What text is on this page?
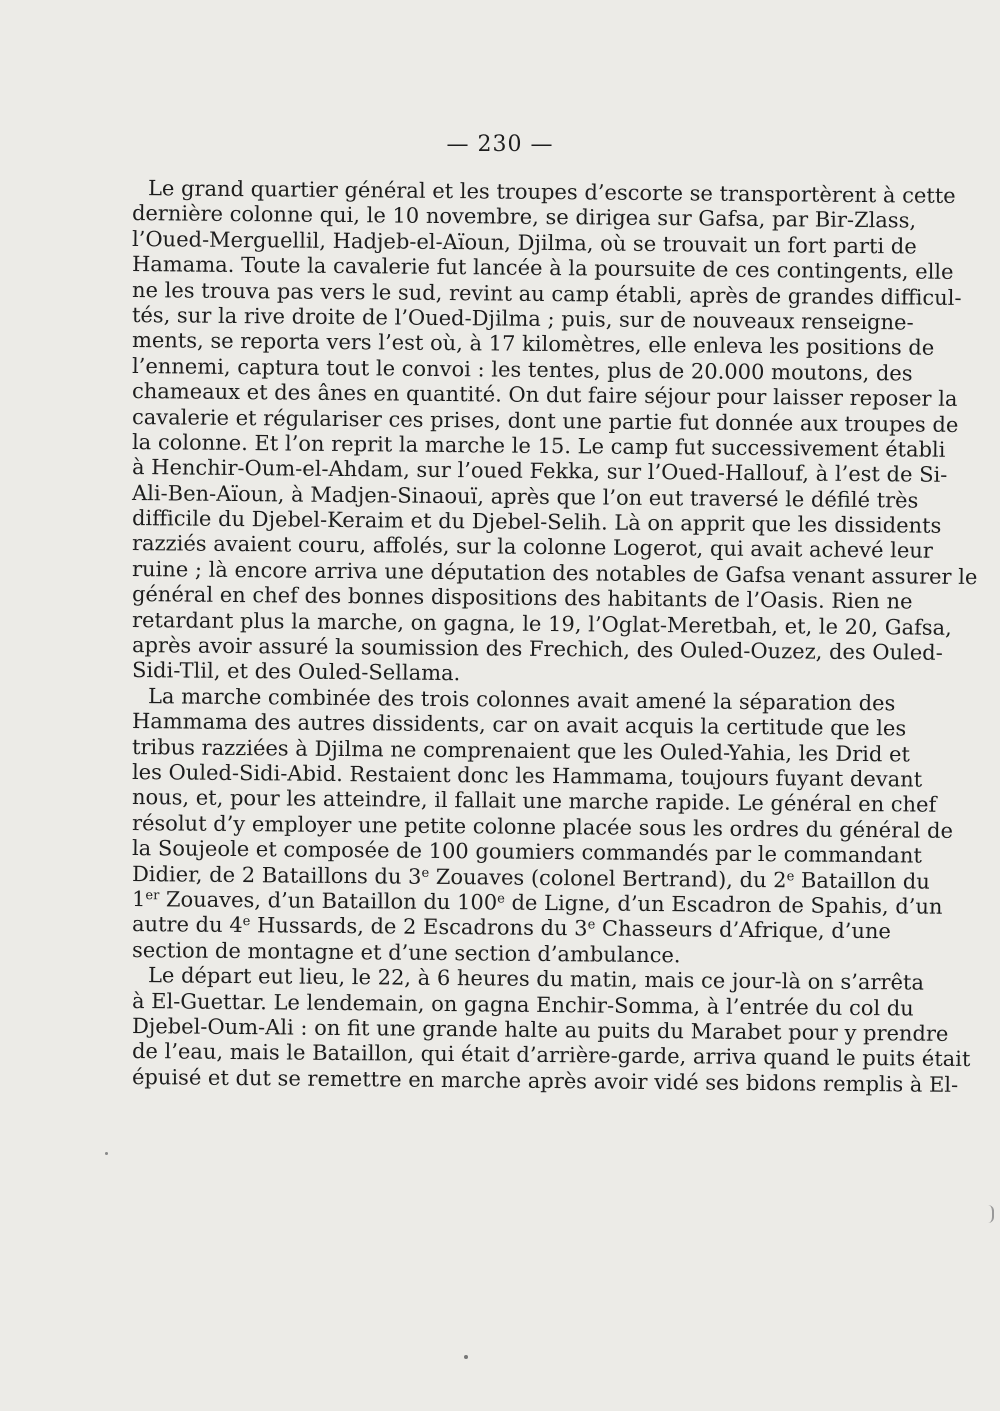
— 230 —
Le grand quartier général et les troupes d’escorte se transportèrent à cette
dernière colonne qui, le 10 novembre, se dirigea sur Gafsa, par Bir-Zlass,
l’Oued-Merguellil, Hadjeb-el-Aïoun, Djilma, où se trouvait un fort parti de
Hamama. Toute la cavalerie fut lancée à la poursuite de ces contingents, elle
ne les trouva pas vers le sud, revint au camp établi, après de grandes difficul-
tés, sur la rive droite de l’Oued-Djilma ; puis, sur de nouveaux renseigne-
ments, se reporta vers l’est où, à 17 kilomètres, elle enleva les positions de
l’ennemi, captura tout le convoi : les tentes, plus de 20.000 moutons, des
chameaux et des ânes en quantité. On dut faire séjour pour laisser reposer la
cavalerie et régulariser ces prises, dont une partie fut donnée aux troupes de
la colonne. Et l’on reprit la marche le 15. Le camp fut successivement établi
à Henchir-Oum-el-Ahdam, sur l’oued Fekka, sur l’Oued-Hallouf, à l’est de Si-
Ali-Ben-Aïoun, à Madjen-Sinaouï, après que l’on eut traversé le défilé très
difficile du Djebel-Keraim et du Djebel-Selih. Là on apprit que les dissidents
razziés avaient couru, affolés, sur la colonne Logerot, qui avait achevé leur
ruine ; là encore arriva une députation des notables de Gafsa venant assurer le
général en chef des bonnes dispositions des habitants de l’Oasis. Rien ne
retardant plus la marche, on gagna, le 19, l’Oglat-Meretbah, et, le 20, Gafsa,
après avoir assuré la soumission des Frechich, des Ouled-Ouzez, des Ouled-
Sidi-Tlil, et des Ouled-Sellama.
La marche combinée des trois colonnes avait amené la séparation des
Hammama des autres dissidents, car on avait acquis la certitude que les
tribus razziées à Djilma ne comprenaient que les Ouled-Yahia, les Drid et
les Ouled-Sidi-Abid. Restaient donc les Hammama, toujours fuyant devant
nous, et, pour les atteindre, il fallait une marche rapide. Le général en chef
résolut d’y employer une petite colonne placée sous les ordres du général de
la Soujeole et composée de 100 goumiers commandés par le commandant
Didier, de 2 Bataillons du 3e Zouaves (colonel Bertrand), du 2e Bataillon du
1er Zouaves, d’un Bataillon du 100e de Ligne, d’un Escadron de Spahis, d’un
autre du 4e Hussards, de 2 Escadrons du 3e Chasseurs d’Afrique, d’une
section de montagne et d’une section d’ambulance.
Le départ eut lieu, le 22, à 6 heures du matin, mais ce jour-là on s’arrêta
à El-Guettar. Le lendemain, on gagna Enchir-Somma, à l’entrée du col du
Djebel-Oum-Ali : on fit une grande halte au puits du Marabet pour y prendre
de l’eau, mais le Bataillon, qui était d’arrière-garde, arriva quand le puits était
épuisé et dut se remettre en marche après avoir vidé ses bidons remplis à El-
